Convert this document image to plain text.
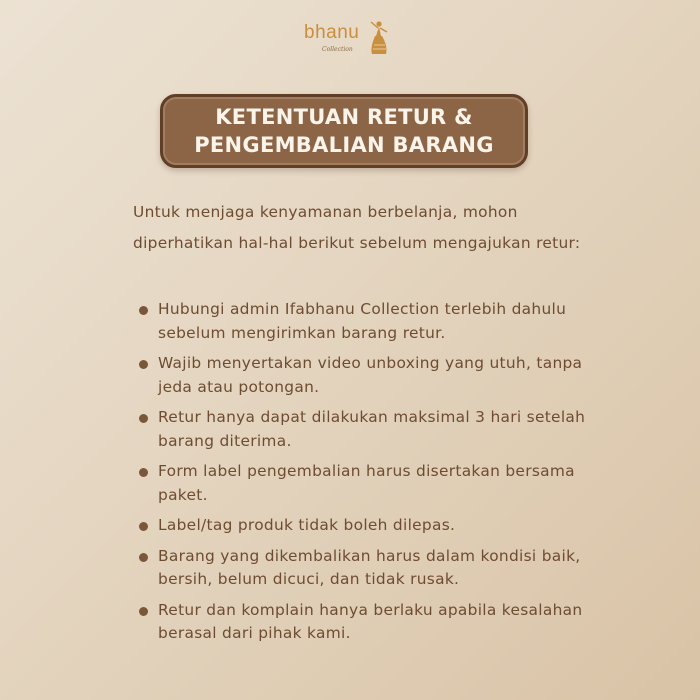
bhanu
Collection
KETENTUAN RETUR &
PENGEMBALIAN BARANG

Untuk menjaga kenyamanan berbelanja, mohon diperhatikan hal-hal berikut sebelum mengajukan retur:

Hubungi admin Ifabhanu Collection terlebih dahulu sebelum mengirimkan barang retur.
Wajib menyertakan video unboxing yang utuh, tanpa jeda atau potongan.
Retur hanya dapat dilakukan maksimal 3 hari setelah barang diterima.
Form label pengembalian harus disertakan bersama paket.
Label/tag produk tidak boleh dilepas.
Barang yang dikembalikan harus dalam kondisi baik, bersih, belum dicuci, dan tidak rusak.
Retur dan komplain hanya berlaku apabila kesalahan berasal dari pihak kami.
